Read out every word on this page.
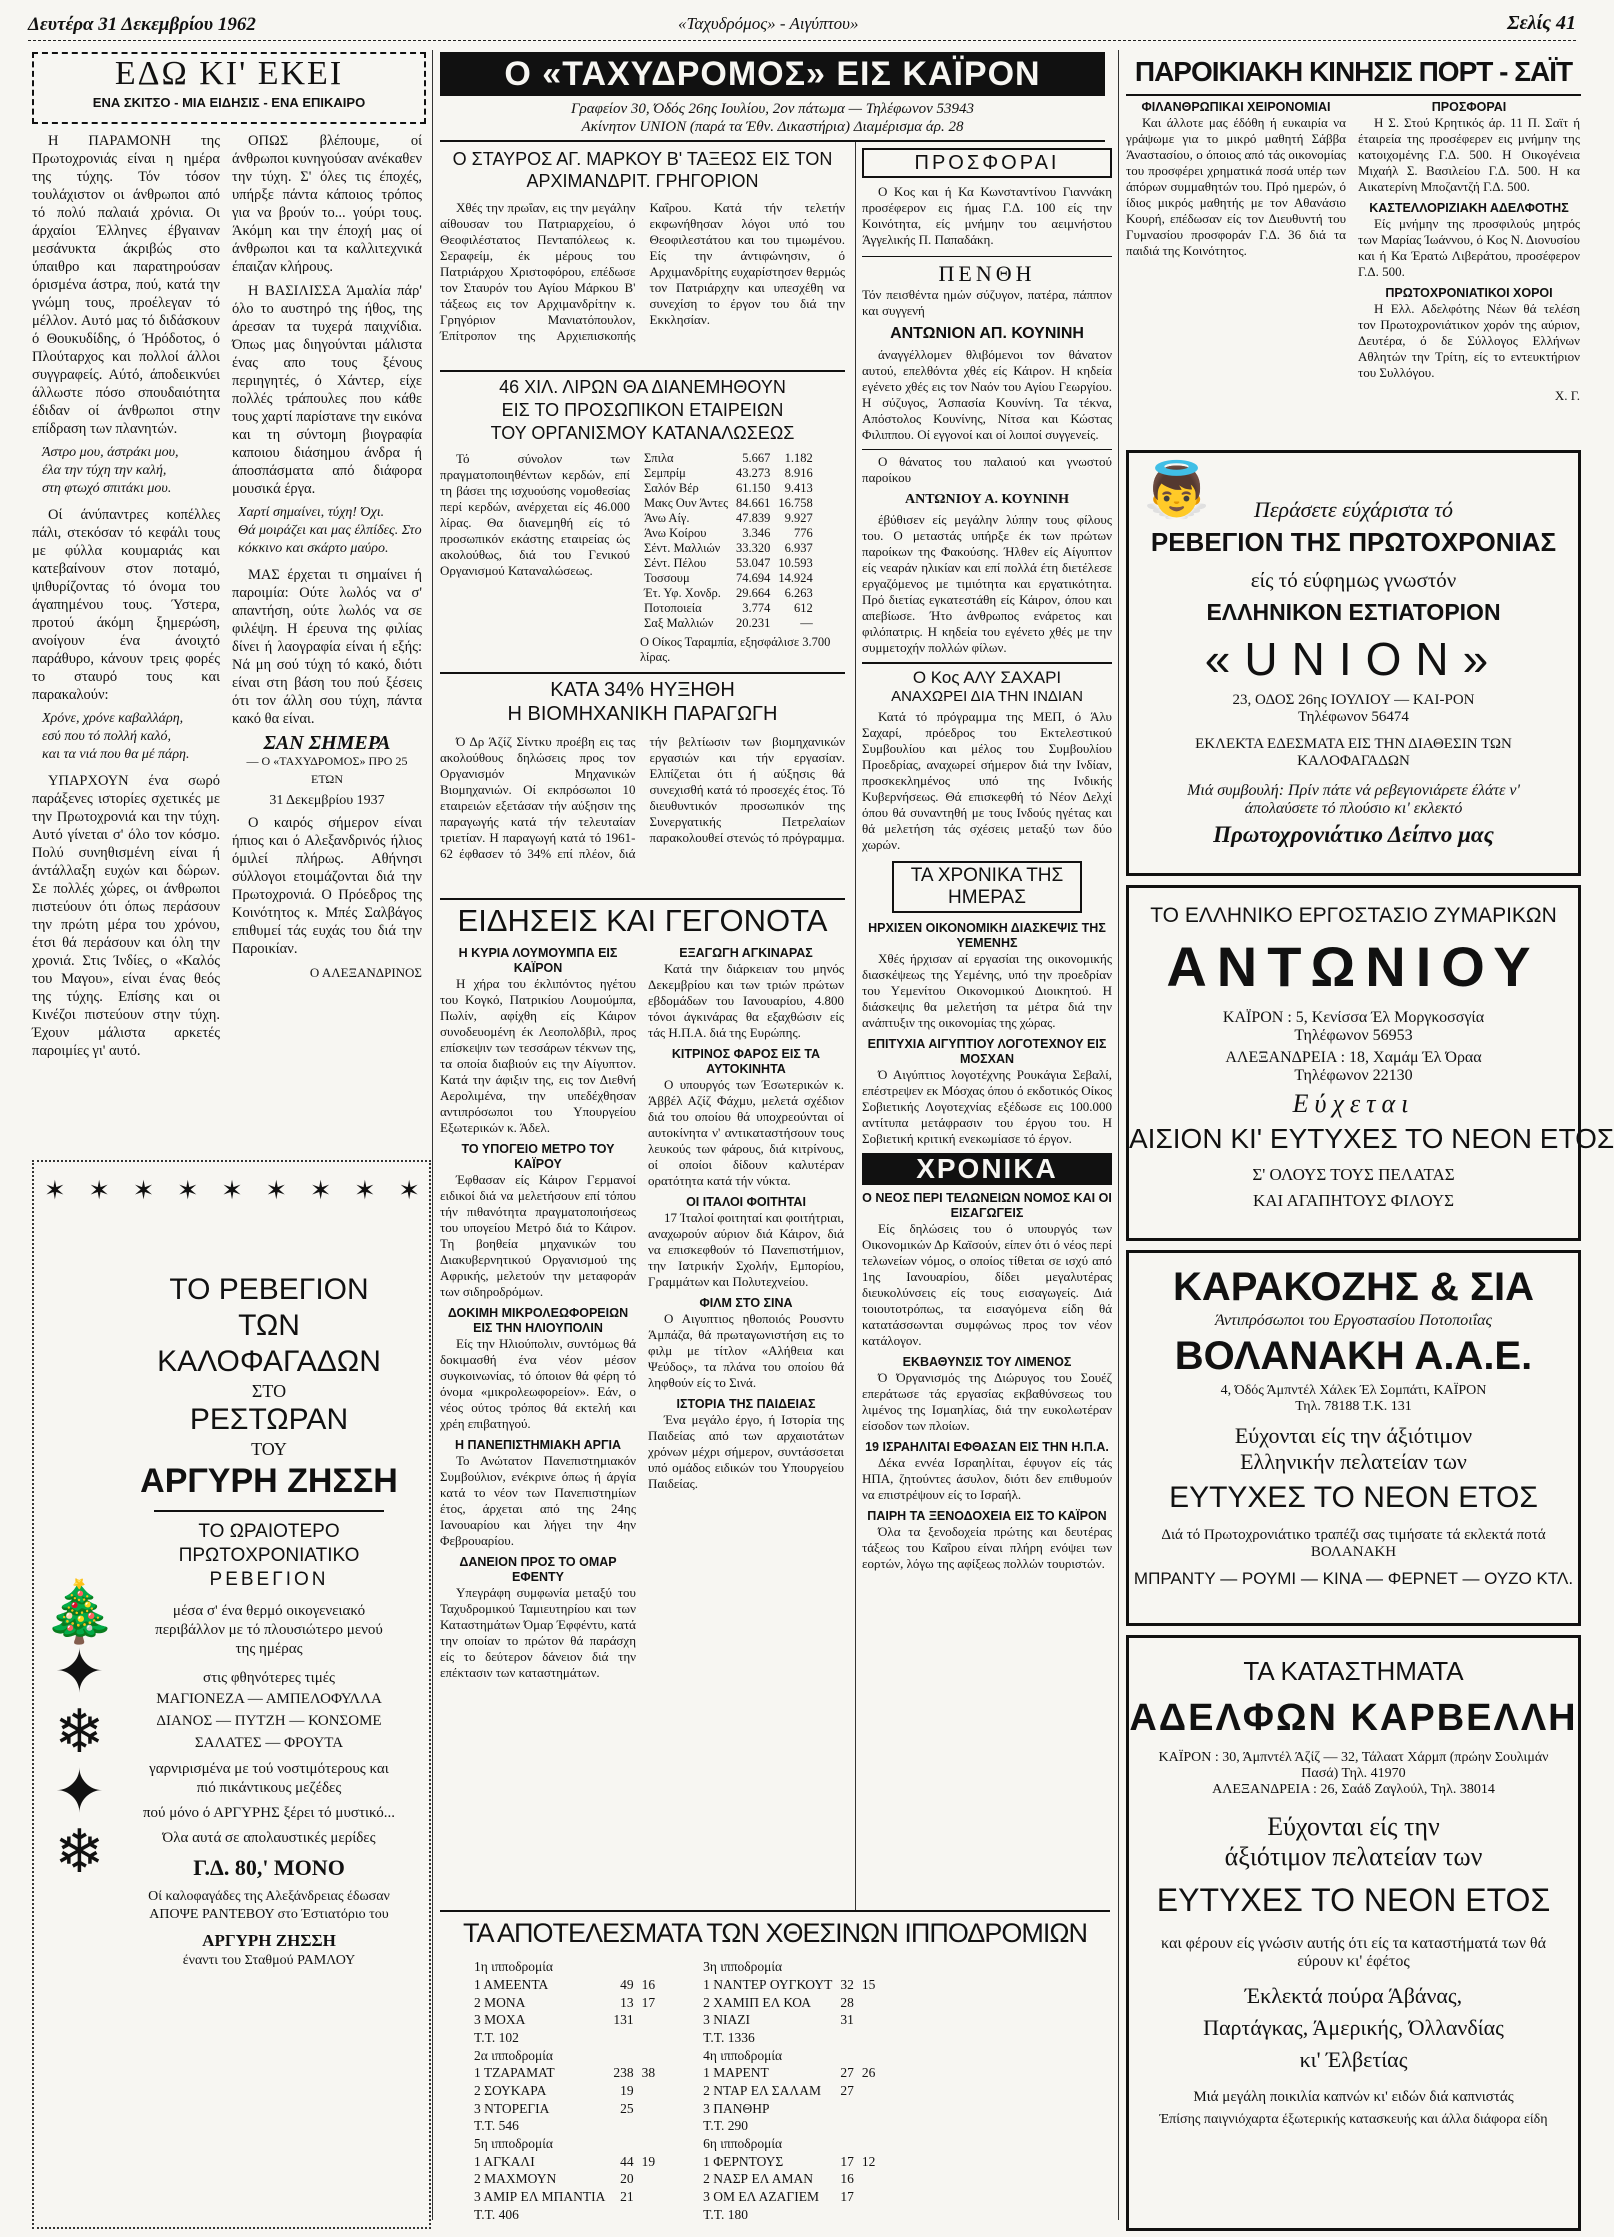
Δευτέρα 31 Δεκεμβρίου 1962	«Ταχυδρόμος» - Αιγύπτου»	Σελίς 41
ΕΔΩ ΚΙ' ΕΚΕΙ
ΕΝΑ ΣΚΙΤΣΟ - ΜΙΑ ΕΙΔΗΣΙΣ - ΕΝΑ ΕΠΙΚΑΙΡΟ

Η ΠΑΡΑΜΟΝΗ της Πρωτοχρονιάς είναι η ημέρα της τύχης. Τόν τόσον τουλάχιστον οι άνθρωποι από τό πολύ παλαιά χρόνια. Οι άρχαίοι Έλληνες έβγαιναν μεσάνυκτα άκριβώς στο ύπαιθρο και παρατηρούσαν όρισμένα άστρα, πού, κατά την γνώμη τους, προέλεγαν τό μέλλον. Αυτό μας τό διδάσκουν ό Θουκυδίδης, ό Ήρόδοτος, ό Πλούταρχος και πολλοί άλλοι συγγραφείς. Αύτό, άποδεικνύει άλλωστε πόσο σπουδαιότητα έδιδαν οί άνθρωποι στην επίδραση των πλανητών.

Άστρο μου, άστράκι μου,
έλα την τύχη την καλή,
στη φτωχό σπιτάκι μου.

Οί άνύπαντρες κοπέλλες πάλι, στεκόσαν τό κεφάλι τους με φύλλα κουμαριάς και κατεβαίνουν στον ποταμό, ψιθυρίζοντας τό όνομα του άγαπημένου τους. Ύστερα, προτού άκόμη ξημερώση, ανοίγουν ένα άνοιχτό παράθυρο, κάνουν τρεις φορές το σταυρό τους και παρακαλούν:

Χρόνε, χρόνε καβαλλάρη,
εσύ που τό πολλή καλό,
και τα νιά που θα μέ πάρη.

ΥΠΑΡΧΟΥΝ ένα σωρό παράξενες ιστορίες σχετικές με την Πρωτοχρονιά και την τύχη. Αυτό γίνεται σ' όλο τον κόσμο. Πολύ συνηθισμένη είναι ή άντάλλαξη ευχών και δώρων. Σε πολλές χώρες, οι άνθρωποι πιστεύουν ότι όπως περάσουν την πρώτη μέρα του χρόνου, έτσι θά περάσουν και όλη την χρονιά. Στις Ίνδίες, ο «Καλός του Μαγου», είναι ένας θεός της τύχης. Επίσης και οι Κινέζοι πιστεύουν στην τύχη. Έχουν μάλιστα αρκετές παροιμίες γι' αυτό.

ΟΠΩΣ βλέπουμε, οί άνθρωποι κυνηγούσαν ανέκαθεν την τύχη. Σ' όλες τις έποχές, υπήρξε πάντα κάποιος τρόπος για να βρούν το... γούρι τους. Άκόμη και την έποχή μας οί άνθρωποι και τα καλλιτεχνικά έπαιζαν κλήρους.

Η ΒΑΣΙΛΙΣΣΑ Άμαλία πάρ' όλο το αυστηρό της ήθος, της άρεσαν τα τυχερά παιχνίδια. Όπως μας διηγούνται μάλιστα ένας απο τους ξένους περιηγητές, ό Χάντερ, είχε πολλές τράπουλες που κάθε τους χαρτί παρίστανε την εικόνα και τη σύντομη βιογραφία καποιου διάσημου άνδρα ή άποσπάσματα από διάφορα μουσικά έργα.

Χαρτί σημαίνει, τύχη! Όχι.
Θά μοιράζει και μας έλπίδες. Στο
κόκκινο και σκάρτο μαύρο.

ΜΑΣ έρχεται τι σημαίνει ή παροιμία: Ούτε λωλός να σ' απαντήση, ούτε λωλός να σε φιλέψη. Η έρευνα της φιλίας δίνει ή λαογραφία είναι ή εξής: Νά μη σού τύχη τό κακό, διότι είναι στη βάση του πού ξέσεις ότι τον άλλη σου τύχη, πάντα κακό θα είναι.

ΣΑΝ ΣΗΜΕΡΑ
— Ο «ΤΑΧΥΔΡΟΜΟΣ» ΠΡΟ 25 ΕΤΩΝ
31 Δεκεμβρίου 1937

Ο καιρός σήμερον είναι ήπιος και ό Αλεξανδρινός ήλιος όμιλεί πλήρως. Αθήνησι σύλλογοι ετοιμάζονται διά την Πρωτοχρονιά. Ο Πρόεδρος της Κοινότητος κ. Μπές Σαλβάγος επιθυμεί τάς ευχάς του διά την Παροικίαν.

Ο ΑΛΕΞΑΝΔΡΙΝΟΣ
✶ ✶ ✶ ✶ ✶ ✶ ✶ ✶ ✶
🎄
✦
❄
✦
❄
ΤΟ ΡΕΒΕΓΙΟΝ
ΤΩΝ ΚΑΛΟΦΑΓΑΔΩΝ
ΣΤΟ
ΡΕΣΤΩΡΑΝ
ΤΟΥ
ΑΡΓΥΡΗ ΖΗΣΣΗ
ΤΟ ΩΡΑΙΟΤΕΡΟ
ΠΡΩΤΟΧΡΟΝΙΑΤΙΚΟ
ΡΕΒΕΓΙΟΝ
μέσα σ' ένα θερμό οικογενειακό περιβάλλον με τό πλουσιώτερο μενού της ημέρας
στις φθηνότερες τιμές
ΜΑΓΙΟΝΕΖΑ — ΑΜΠΕΛΟΦΥΛΛΑ
ΔΙΑΝΟΣ — ΠΥΤΖΗ — ΚΟΝΣΟΜΕ
ΣΑΛΑΤΕΣ — ΦΡΟΥΤΑ
γαρνιρισμένα με τού νοστιμότερους και πιό πικάντικους μεζέδες
πού μόνο ό ΑΡΓΥΡΗΣ ξέρει τό μυστικό...
Όλα αυτά σε απολαυστικές μερίδες
Γ.Δ. 80,' ΜΟΝΟ
Οί καλοφαγάδες της Αλεξάνδρειας έδωσαν ΑΠΟΨΕ ΡΑΝΤΕΒΟΥ στο Έστιατόριο του
ΑΡΓΥΡΗ ΖΗΣΣΗ
έναντι του Σταθμού ΡΑΜΛΟΥ
Ο «ΤΑΧΥΔΡΟΜΟΣ» ΕΙΣ ΚΑΪΡΟΝ
Γραφείον 30, Όδός 26ης Ιουλίου, 2ον πάτωμα — Τηλέφωνον 53943
Ακίνητον UNION (παρά τα Έθν. Δικαστήρια) Διαμέρισμα άρ. 28
Ο ΣΤΑΥΡΟΣ ΑΓ. ΜΑΡΚΟΥ Β' ΤΑΞΕΩΣ ΕΙΣ ΤΟΝ ΑΡΧΙΜΑΝΔΡΙΤ. ΓΡΗΓΟΡΙΟΝ

Χθές την πρωΐαν, εις την μεγάλην αίθουσαν του Πατριαρχείου, ό Θεοφιλέστατος Πενταπόλεως κ. Σεραφείμ, έκ μέρους του Πατριάρχου Χριστοφόρου, επέδωσε τον Σταυρόν του Αγίου Μάρκου Β' τάξεως εις τον Αρχιμανδρίτην κ. Γρηγόριον Μανιατόπουλον, Έπίτροπον της Αρχιεπισκοπής Καΐρου. Κατά τήν τελετήν εκφωνήθησαν λόγοι υπό του Θεοφιλεστάτου και του τιμωμένου. Είς την άντιφώνησιν, ό Αρχιμανδρίτης ευχαρίστησεν θερμώς τον Πατριάρχην και υπεσχέθη να συνεχίση το έργον του διά την Εκκλησίαν.

46 ΧΙΛ. ΛΙΡΩΝ ΘΑ ΔΙΑΝΕΜΗΘΟΥΝ
ΕΙΣ ΤΟ ΠΡΟΣΩΠΙΚΟΝ ΕΤΑΙΡΕΙΩΝ
ΤΟΥ ΟΡΓΑΝΙΣΜΟΥ ΚΑΤΑΝΑΛΩΣΕΩΣ

Τό σύνολον των πραγματοποιηθέντων κερδών, επί τη βάσει της ισχυούσης νομοθεσίας περί κερδών, ανέρχεται είς 46.000 λίρας. Θα διανεμηθή είς τό προσωπικόν εκάστης εταιρείας ώς ακολούθως, διά του Γενικού Οργανισμού Καταναλώσεως.

Σπιλα	5.667	1.182
Σεμπρίμ	43.273	8.916
Σαλόν Βέρ	61.150	9.413
Μακς Ουν Άντες	84.661	16.758
Άνω Αίγ.	47.839	9.927
Άνω Κοίρου	3.346	776
Σέντ. Μαλλιών	33.320	6.937
Σέντ. Πέλου	53.047	10.593
Τοσσουμ	74.694	14.924
Έτ. Υφ. Χονδρ.	29.664	6.263
Ποτοποιεία	3.774	612
Σαξ Μαλλιών	20.231	—
Ο Οίκος Ταραμπία, εξησφάλισε 3.700 λίρας.
ΚΑΤΑ 34% ΗΥΞΗΘΗ
Η ΒΙΟΜΗΧΑΝΙΚΗ ΠΑΡΑΓΩΓΗ

Ό Δρ Άζίζ Σίντκυ προέβη εις τας ακολούθους δηλώσεις προς τον Οργανισμόν Μηχανικών Βιομηχανιών. Οί εκπρόσωποι 10 εταιρειών εξετάσαν τήν αύξησιν της παραγωγής κατά τήν τελευταίαν τριετίαν. Η παραγωγή κατά τό 1961-62 έφθασεν τό 34% επί πλέον, διά τήν βελτίωσιν των βιομηχανικών εργασιών και τήν εργασίαν. Ελπίζεται ότι ή αύξησις θά συνεχισθή κατά τό προσεχές έτος. Τό διευθυντικόν προσωπικόν της Συνεργατικής Πετρελαίων παρακολουθεί στενώς τό πρόγραμμα.

ΕΙΔΗΣΕΙΣ ΚΑΙ ΓΕΓΟΝΟΤΑ
Η ΚΥΡΙΑ ΛΟΥΜΟΥΜΠΑ ΕΙΣ ΚΑΪΡΟΝ

Η χήρα του έκλιπόντος ηγέτου του Κογκό, Πατρικίου Λουμούμπα, Πωλίν, αφίχθη είς Κάιρον συνοδευομένη έκ Λεοπολδβιλ, προς επίσκεψιν των τεσσάρων τέκνων της, τα οποία διαβιούν εις την Αίγυπτον. Κατά την άφιξιν της, εις τον Διεθνή Αερολιμένα, την υπεδέχθησαν αντιπρόσωποι του Υπουργείου Εξωτερικών κ. Άδελ.

ΤΟ ΥΠΟΓΕΙΟ ΜΕΤΡΟ ΤΟΥ ΚΑΪΡΟΥ

Έφθασαν είς Κάιρον Γερμανοί ειδικοί διά να μελετήσουν επί τόπου τήν πιθανότητα πραγματοποιήσεως του υπογείου Μετρό διά το Κάιρον. Τη βοηθεία μηχανικών του Διακυβερνητικού Οργανισμού της Αφρικής, μελετούν την μεταφοράν των σιδηροδρόμων.

ΔΟΚΙΜΗ ΜΙΚΡΟΛΕΩΦΟΡΕΙΩΝ ΕΙΣ ΤΗΝ ΗΛΙΟΥΠΟΛΙΝ

Είς την Ηλιούπολιν, συντόμως θά δοκιμασθή ένα νέον μέσον συγκοινωνίας, τό όποιον θά φέρη τό όνομα «μικρολεωφορείον». Εάν, ο νέος ούτος τρόπος θά εκτελή και χρέη επιβατηγού.

Η ΠΑΝΕΠΙΣΤΗΜΙΑΚΗ ΑΡΓΙΑ

Το Ανώτατον Πανεπιστημιακόν Συμβούλιον, ενέκρινε όπως ή άργία κατά το νέον των Πανεπιστημίων έτος, άρχεται από της 24ης Ιανουαρίου και λήγει την 4ην Φεβρουαρίου.

ΔΑΝΕΙΟΝ ΠΡΟΣ ΤΟ ΟΜΑΡ ΕΦΕΝΤΥ

Υπεγράφη συμφωνία μεταξύ του Ταχυδρομικού Ταμιευτηρίου και των Καταστημάτων Όμαρ Έφφέντυ, κατά την οποίαν το πρώτον θά παράσχη είς το δεύτερον δάνειον διά την επέκτασιν των καταστημάτων.

ΕΞΑΓΩΓΗ ΑΓΚΙΝΑΡΑΣ

Κατά την διάρκειαν του μηνός Δεκεμβρίου και των τριών πρώτων εβδομάδων του Ιανουαρίου, 4.800 τόνοι άγκινάρας θα εξαχθώσιν είς τάς Η.Π.Α. διά της Ευρώπης.

ΚΙΤΡΙΝΟΣ ΦΑΡΟΣ ΕΙΣ ΤΑ ΑΥΤΟΚΙΝΗΤΑ

Ο υπουργός των Έσωτερικών κ. Άββέλ Αζίζ Φάχμυ, μελετά σχέδιον διά του οποίου θά υποχρεούνται οί αυτοκίνητα ν' αντικαταστήσουν τους λευκούς των φάρους, διά κιτρίνους, οί οποίοι δίδουν καλυτέραν ορατότητα κατά τήν νύκτα.

ΟΙ ΙΤΑΛΟΙ ΦΟΙΤΗΤΑΙ

17 Ίταλοί φοιτηταί και φοιτήτριαι, αναχωρούν αύριον διά Κάιρον, διά να επισκεφθούν τό Πανεπιστήμιον, την Ιατρικήν Σχολήν, Εμπορίου, Γραμμάτων και Πολυτεχνείου.

ΦΙΛΜ ΣΤΟ ΣΙΝΑ

Ο Αιγυπτιος ηθοποιός Ρουσντυ Άμπάζα, θά πρωταγωνιστήση εις το φιλμ με τίτλον «Αλήθεια και Ψεύδος», τα πλάνα του οποίου θά ληφθούν είς το Σινά.

ΙΣΤΟΡΙΑ ΤΗΣ ΠΑΙΔΕΙΑΣ

Ένα μεγάλο έργο, ή Ιστορία της Παιδείας από των αρχαιοτάτων χρόνων μέχρι σήμερον, συντάσσεται υπό ομάδος ειδικών του Υπουργείου Παιδείας.

ΤΑ ΑΠΟΤΕΛΕΣΜΑΤΑ ΤΩΝ ΧΘΕΣΙΝΩΝ ΙΠΠΟΔΡΟΜΙΩΝ
1η ιπποδρομία		
1 ΑΜΕΕΝΤΑ	49	16
2 ΜΟΝΑ	13	17
3 ΜΟΧΑ	131	
Τ.Τ. 102		
2α ιπποδρομία		
1 ΤΖΑΡΑΜΑΤ	238	38
2 ΣΟΥΚΑΡΑ	19	
3 ΝΤΟΡΕΓΙΑ	25	
Τ.Τ. 546		
5η ιπποδρομία		
1 ΑΓΚΑΛΙ	44	19
2 ΜΑΧΜΟΥΝ	20	
3 ΑΜΙΡ ΕΛ ΜΠΑΝΤΙΑ	21	
Τ.Τ. 406		
3η ιπποδρομία		
1 ΝΑΝΤΕΡ ΟΥΓΚΟΥΤ	32	15
2 ΧΑΜΙΠ ΕΛ ΚΟΑ	28	
3 ΝΙΑΖΙ	31	
Τ.Τ. 1336		
4η ιπποδρομία		
1 ΜΑΡΕΝΤ	27	26
2 ΝΤΑΡ ΕΛ ΣΑΛΑΜ	27	
3 ΠΑΝΘΗΡ		
Τ.Τ. 290		
6η ιπποδρομία		
1 ΦΕΡΝΤΟΥΣ	17	12
2 ΝΑΣΡ ΕΛ ΑΜΑΝ	16	
3 ΟΜ ΕΛ ΑΖΑΓΙΕΜ	17	
Τ.Τ. 180		
ΠΡΟΣΦΟΡΑΙ

Ο Κος και ή Κα Κωνσταντίνου Γιαννάκη προσέφερον εις ήμας Γ.Δ. 100 είς την Κοινότητα, είς μνήμην του αειμνήστου Άγγελικής Π. Παπαδάκη.

ΠΕΝΘΗ

Τόν πεισθέντα ημών σύζυγον, πατέρα, πάππον και συγγενή

ΑΝΤΩΝΙΟΝ ΑΠ. ΚΟΥΝΙΝΗ

άναγγέλλομεν θλιβόμενοι τον θάνατον αυτού, επελθόντα χθές είς Κάιρον. Η κηδεία εγένετο χθές εις τον Ναόν του Αγίου Γεωργίου. Η σύζυγος, Άσπασία Κουνίνη. Τα τέκνα, Απόστολος Κουνίνης, Νίτσα και Κώστας Φιλιππου. Οί εγγονοί και οί λοιποί συγγενείς.

Ο θάνατος του παλαιού και γνωστού παροίκου

ΑΝΤΩΝΙΟΥ Α. ΚΟΥΝΙΝΗ

έβύθισεν είς μεγάλην λύπην τους φίλους του. Ο μεταστάς υπήρξε έκ των πρώτων παροίκων της Φακούσης. Ήλθεν είς Αίγυπτον είς νεαράν ηλικίαν και επί πολλά έτη διετέλεσε εργαζόμενος με τιμιότητα και εργατικότητα. Πρό διετίας εγκατεστάθη είς Κάιρον, όπου και απεβίωσε. Ήτο άνθρωπος ενάρετος και φιλόπατρις. Η κηδεία του εγένετο χθές με την συμμετοχήν πολλών φίλων.

Ο Κος ΑΛΥ ΣΑΧΑΡΙ
ΑΝΑΧΩΡΕΙ ΔΙΑ ΤΗΝ ΙΝΔΙΑΝ

Κατά τό πρόγραμμα της ΜΕΠ, ό Άλυ Σαχαρί, πρόεδρος του Εκτελεστικού Συμβουλίου και μέλος του Συμβουλίου Προεδρίας, αναχωρεί σήμερον διά την Ινδίαν, προσκεκλημένος υπό της Ινδικής Κυβερνήσεως. Θά επισκεφθή τό Νέον Δελχί όπου θά συναντηθή με τους Ινδούς ηγέτας και θά μελετήση τάς σχέσεις μεταξύ των δύο χωρών.

ΤΑ ΧΡΟΝΙΚΑ ΤΗΣ ΗΜΕΡΑΣ
ΗΡΧΙΣΕΝ ΟΙΚΟΝΟΜΙΚΗ ΔΙΑΣΚΕΨΙΣ ΤΗΣ ΥΕΜΕΝΗΣ

Χθές ήρχισαν αί εργασίαι της οικονομικής διασκέψεως της Υεμένης, υπό την προεδρίαν του Υεμενίτου Οικονομικού Διοικητού. Η διάσκεψις θα μελετήση τα μέτρα διά την ανάπτυξιν της οικονομίας της χώρας.

ΕΠΙΤΥΧΙΑ ΑΙΓΥΠΤΙΟΥ ΛΟΓΟΤΕΧΝΟΥ ΕΙΣ ΜΟΣΧΑΝ

Ό Αιγύπτιος λογοτέχνης Ρουκάγια Σεβαλί, επέστρεψεν εκ Μόσχας όπου ό εκδοτικός Οίκος Σοβιετικής Λογοτεχνίας εξέδωσε εις 100.000 αντίτυπα μετάφρασιν του έργου του. Η Σοβιετική κριτική ενεκωμίασε τό έργον.

ΧΡΟΝΙΚΑ
Ο ΝΕΟΣ ΠΕΡΙ ΤΕΛΩΝΕΙΩΝ ΝΟΜΟΣ ΚΑΙ ΟΙ ΕΙΣΑΓΩΓΕΙΣ

Είς δηλώσεις του ό υπουργός των Οικονομικών Δρ Καϊσούν, είπεν ότι ό νέος περί τελωνείων νόμος, ο οποίος τίθεται σε ισχύ από 1ης Ιανουαρίου, δίδει μεγαλυτέρας διευκολύνσεις είς τους εισαγωγείς. Διά τοιουτοτρόπως, τα εισαγόμενα είδη θά κατατάσσωνται συμφώνως προς τον νέον κατάλογον.

ΕΚΒΑΘΥΝΣΙΣ ΤΟΥ ΛΙΜΕΝΟΣ

Ό Όργανισμός της Διώρυγος του Σουέζ επεράτωσε τάς εργασίας εκβαθύνσεως του λιμένος της Ισμαηλίας, διά την ευκολωτέραν είσοδον των πλοίων.

19 ΙΣΡΑΗΛΙΤΑΙ ΕΦΘΑΣΑΝ ΕΙΣ ΤΗΝ Η.Π.Α.

Δέκα εννέα Ισραηλίται, έφυγον είς τάς ΗΠΑ, ζητούντες άσυλον, διότι δεν επιθυμούν να επιστρέψουν είς το Ισραήλ.

ΠΑΙΡΗ ΤΑ ΞΕΝΟΔΟΧΕΙΑ ΕΙΣ ΤΟ ΚΑΪΡΟΝ

Όλα τα ξενοδοχεία πρώτης και δευτέρας τάξεως του Καΐρου είναι πλήρη ενόψει των εορτών, λόγω της αφίξεως πολλών τουριστών.

ΠΑΡΟΙΚΙΑΚΗ ΚΙΝΗΣΙΣ ΠΟΡΤ - ΣΑΪΤ
ΦΙΛΑΝΘΡΩΠΙΚΑΙ ΧΕΙΡΟΝΟΜΙΑΙ

Και άλλοτε μας έδόθη ή ευκαιρία να γράψωμε για το μικρό μαθητή Σάββα Άναστασίου, ο όποιος από τάς οικονομίας του προσφέρει χρηματικά ποσά υπέρ των άπόρων συμμαθητών του. Πρό ημερών, ό ίδιος μικρός μαθητής με τον Αθανάσιο Κουρή, επέδωσαν είς τον Διευθυντή του Γυμνασίου προσφοράν Γ.Δ. 36 διά τα παιδιά της Κοινότητος.

ΠΡΟΣΦΟΡΑΙ

Η Σ. Στού Κρητικός άρ. 11 Π. Σαϊτ ή έταιρεία της προσέφερεν εις μνήμην της κατοιχομένης Γ.Δ. 500. Η Οικογένεια Μιχαήλ Σ. Βασιλείου Γ.Δ. 500. Η κα Αικατερίνη Μποζαντζή Γ.Δ. 500.

ΚΑΣΤΕΛΛΟΡΙΖΙΑΚΗ ΑΔΕΛΦΟΤΗΣ

Είς μνήμην της προσφιλούς μητρός των Μαρίας Ίωάννου, ό Κος Ν. Διονυσίου και ή Κα Έρατώ Λιβεράτου, προσέφερον Γ.Δ. 500.

ΠΡΩΤΟΧΡΟΝΙΑΤΙΚΟΙ ΧΟΡΟΙ

Η Ελλ. Αδελφότης Νέων θά τελέση τον Πρωτοχρονιάτικον χορόν της αύριον, Δευτέρα, ό δε Σύλλογος Ελλήνων Αθλητών την Τρίτη, είς το εντευκτήριον του Συλλόγου.

Χ. Γ.
👼	Περάσετε εύχάριστα τό
ΡΕΒΕΓΙΟΝ ΤΗΣ ΠΡΩΤΟΧΡΟΝΙΑΣ
είς τό εύφημως γνωστόν
ΕΛΛΗΝΙΚΟΝ ΕΣΤΙΑΤΟΡΙΟΝ
«UNION»
23, ΟΔΟΣ 26ης ΙΟΥΛΙΟΥ — ΚΑΙ-ΡΟΝ
Τηλέφωνον 56474
ΕΚΛΕΚΤΑ ΕΔΕΣΜΑΤΑ ΕΙΣ ΤΗΝ ΔΙΑΘΕΣΙΝ ΤΩΝ ΚΑΛΟΦΑΓΑΔΩΝ
Μιά συμβουλή: Πρίν πάτε νά ρεβεγιονιάρετε έλάτε ν' άπολαύσετε τό πλούσιο κι' εκλεκτό
Πρωτοχρονιάτικο Δείπνο μας
ΤΟ ΕΛΛΗΝΙΚΟ ΕΡΓΟΣΤΑΣΙΟ ΖΥΜΑΡΙΚΩΝ
ΑΝΤΩΝΙΟΥ
ΚΑΪΡΟΝ : 5, Κενίσσα Έλ Μοργκοσσγία
Τηλέφωνον 56953
ΑΛΕΞΑΝΔΡΕΙΑ : 18, Χαμάμ Έλ Όραα
Τηλέφωνον 22130
Εύχεται
ΑΙΣΙΟΝ ΚΙ' ΕΥΤΥΧΕΣ ΤΟ ΝΕΟΝ ΕΤΟΣ
Σ' ΟΛΟΥΣ ΤΟΥΣ ΠΕΛΑΤΑΣ
ΚΑΙ ΑΓΑΠΗΤΟΥΣ ΦΙΛΟΥΣ
ΚΑΡΑΚΟΖΗΣ & ΣΙΑ
Άντιπρόσωποι του Εργοστασίου Ποτοποιΐας
ΒΟΛΑΝΑΚΗ Α.Α.Ε.
4, Όδός Άμπντέλ Χάλεκ Έλ Σομπάτι, ΚΑΪΡΟΝ
Τηλ. 78188 Τ.Κ. 131
Εύχονται είς την άξιότιμον
Ελληνικήν πελατείαν των
ΕΥΤΥΧΕΣ ΤΟ ΝΕΟΝ ΕΤΟΣ
Διά τό Πρωτοχρονιάτικο τραπέζι σας τιμήσατε τά εκλεκτά ποτά ΒΟΛΑΝΑΚΗ
ΜΠΡΑΝΤΥ — ΡΟΥΜΙ — ΚΙΝΑ — ΦΕΡΝΕΤ — ΟΥΖΟ ΚΤΛ.
ΤΑ ΚΑΤΑΣΤΗΜΑΤΑ
ΑΔΕΛΦΩΝ ΚΑΡΒΕΛΛΗ
ΚΑΪΡΟΝ : 30, Άμπντέλ Άζίζ — 32, Τάλαατ Χάρμπ (πρώην Σουλιμάν Πασά) Τηλ. 41970
ΑΛΕΞΑΝΔΡΕΙΑ : 26, Σαάδ Ζαγλούλ, Τηλ. 38014
Εύχονται είς την
άξιότιμον πελατείαν των
ΕΥΤΥΧΕΣ ΤΟ ΝΕΟΝ ΕΤΟΣ
και φέρουν είς γνώσιν αυτής ότι είς τα καταστήματά των θά εύρουν κι' έφέτος
Έκλεκτά πούρα Άβάνας,
Παρτάγκας, Άμερικής, Όλλανδίας
κι' Έλβετίας
Μιά μεγάλη ποικιλία καπνών κι' ειδών διά καπνιστάς
Έπίσης παιγνιόχαρτα έξωτερικής κατασκευής και άλλα διάφορα είδη
